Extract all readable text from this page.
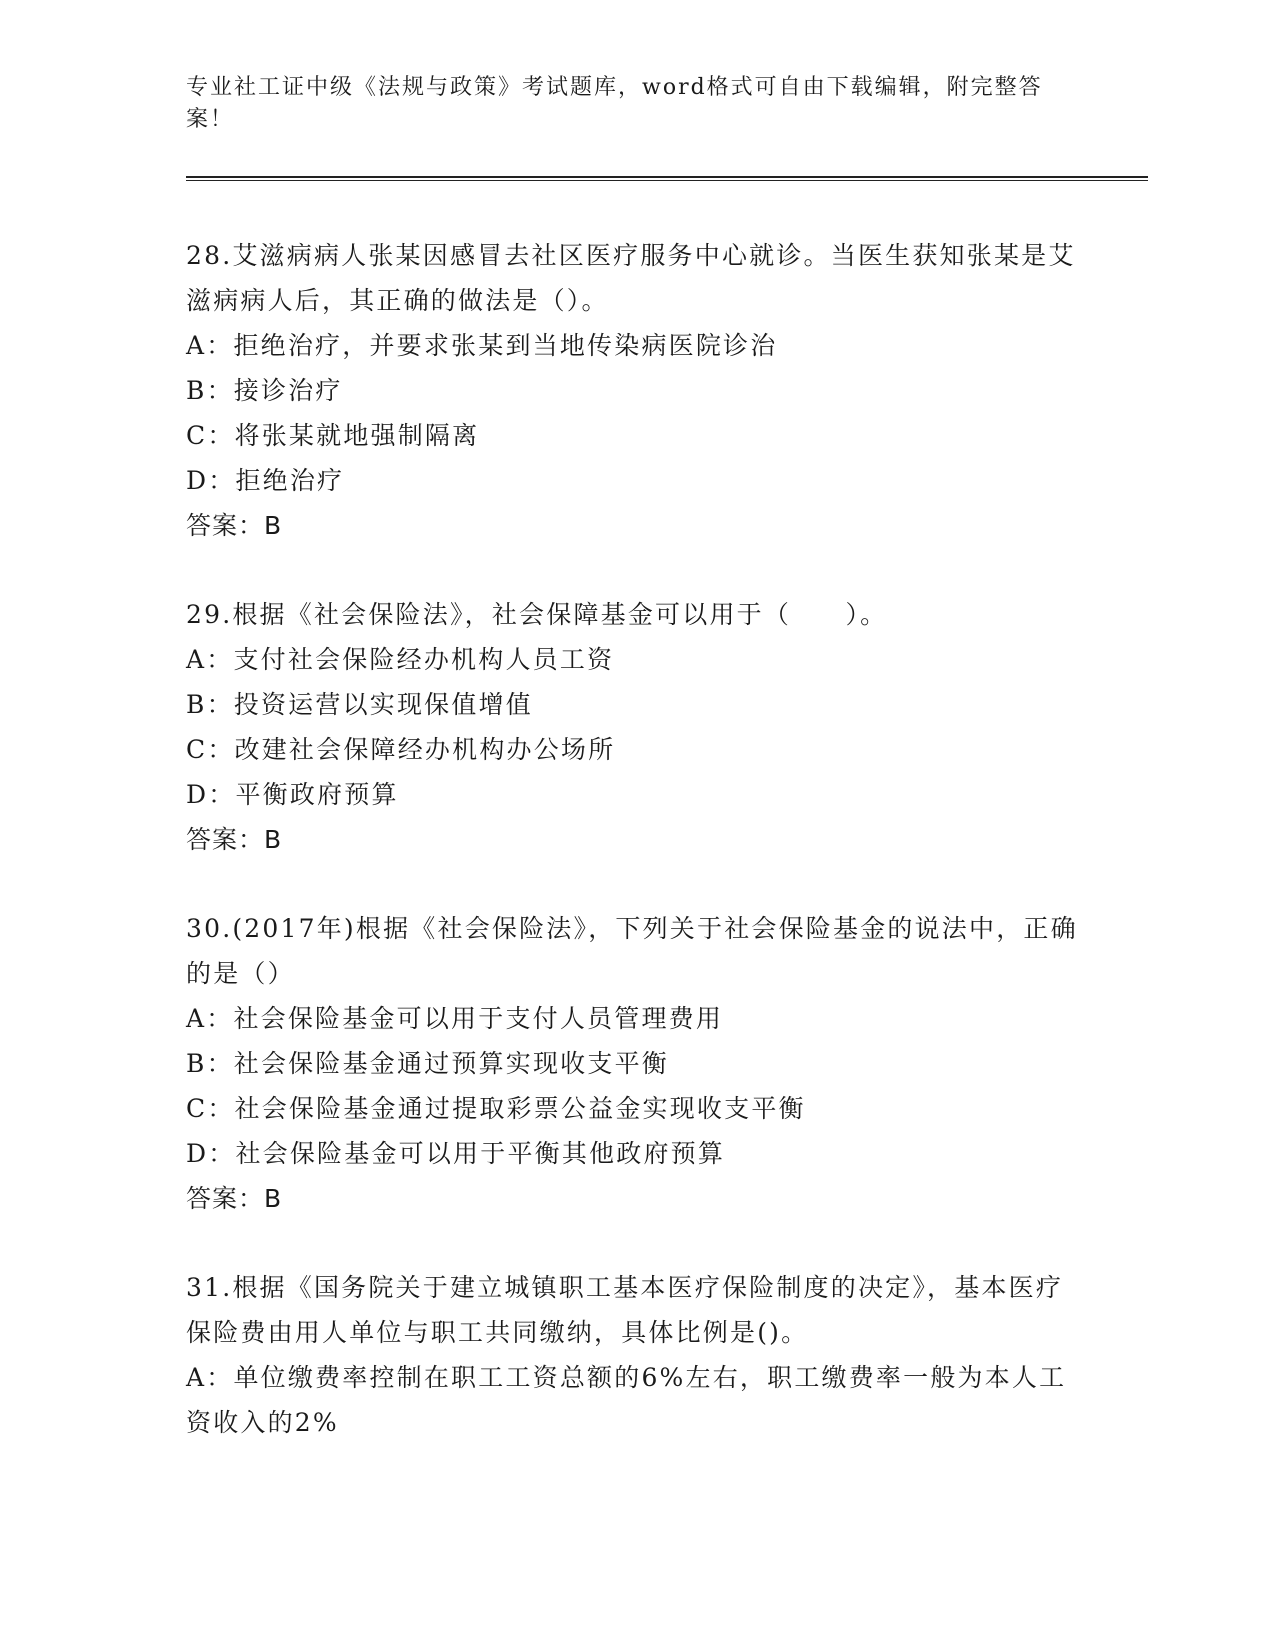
专业社工证中级《法规与政策》考试题库，word格式可自由下载编辑，附完整答案！
28.艾滋病病人张某因感冒去社区医疗服务中心就诊。当医生获知张某是艾滋病病人后，其正确的做法是（）。
A：拒绝治疗，并要求张某到当地传染病医院诊治
B：接诊治疗
C：将张某就地强制隔离
D：拒绝治疗
答案：B
29.根据《社会保险法》，社会保障基金可以用于（　　）。
A：支付社会保险经办机构人员工资
B：投资运营以实现保值增值
C：改建社会保障经办机构办公场所
D：平衡政府预算
答案：B
30.(2017年)根据《社会保险法》，下列关于社会保险基金的说法中，正确的是（）
A：社会保险基金可以用于支付人员管理费用
B：社会保险基金通过预算实现收支平衡
C：社会保险基金通过提取彩票公益金实现收支平衡
D：社会保险基金可以用于平衡其他政府预算
答案：B
31.根据《国务院关于建立城镇职工基本医疗保险制度的决定》，基本医疗保险费由用人单位与职工共同缴纳，具体比例是()。
A：单位缴费率控制在职工工资总额的6%左右，职工缴费率一般为本人工资收入的2%
